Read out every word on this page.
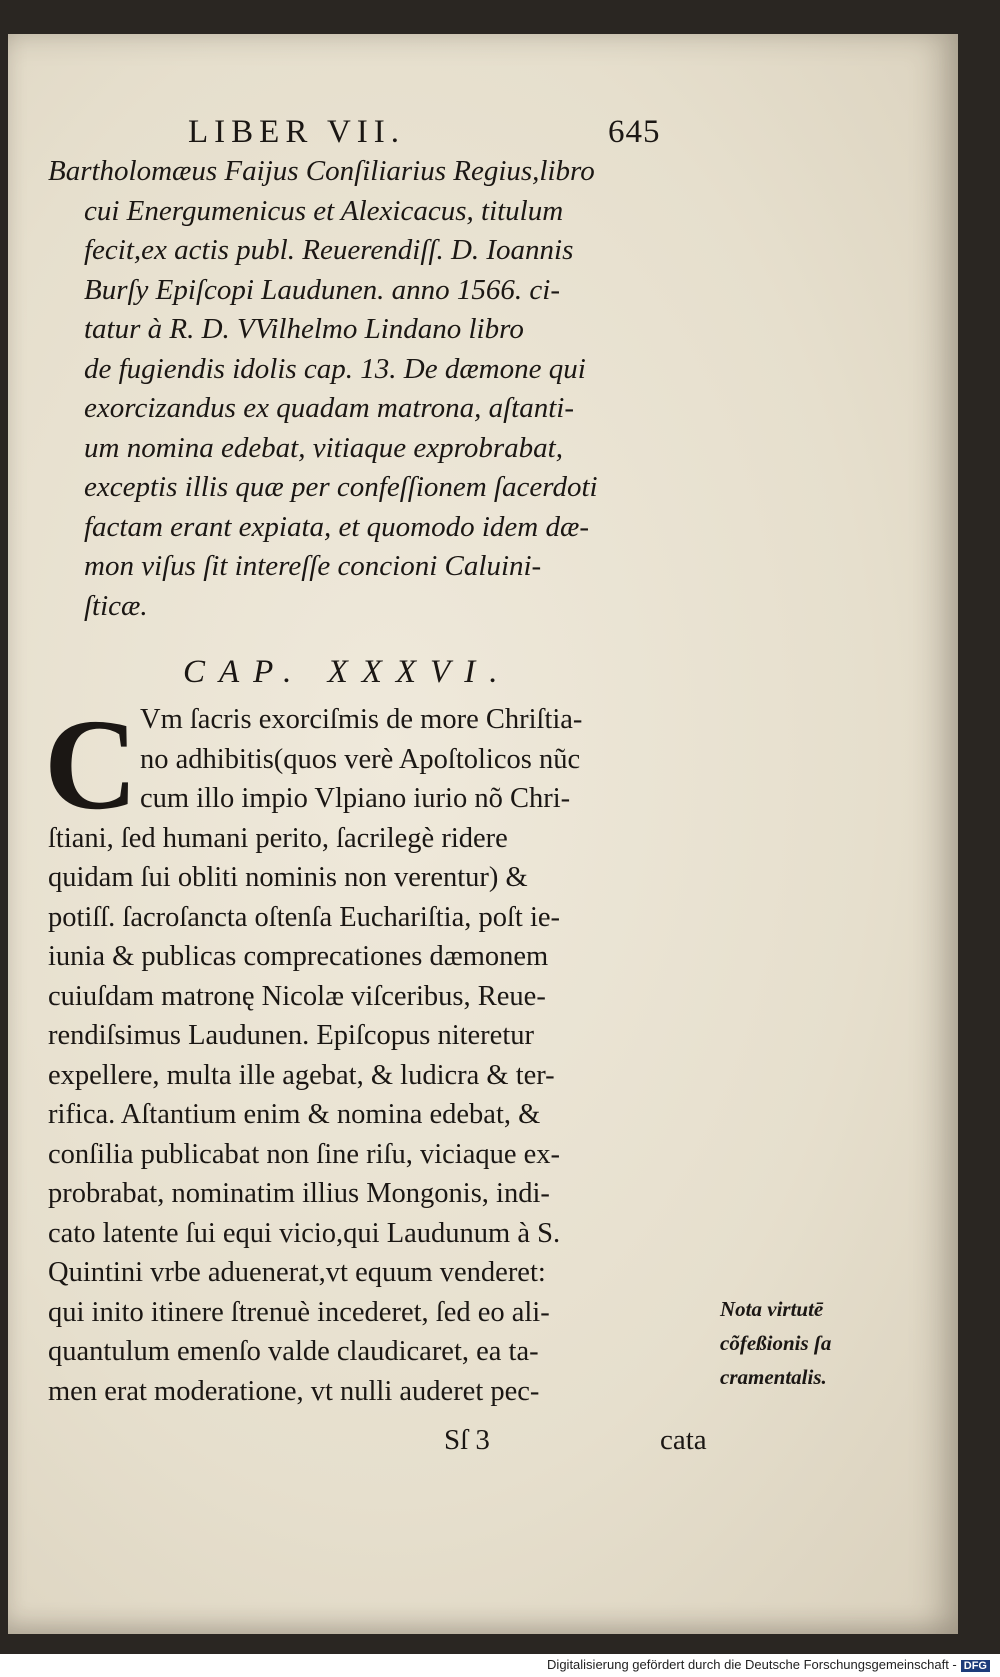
LIBER VII.	645
Bartholomæus Faijus Conſiliarius Regius,libro
cui Energumenicus et Alexicacus, titulum
fecit,ex actis publ. Reuerendiſſ. D. Ioannis
Burſy Epiſcopi Laudunen. anno 1566. ci-
tatur à R. D. VVilhelmo Lindano libro
de fugiendis idolis cap. 13. De dæmone qui
exorcizandus ex quadam matrona, aſtanti-
um nomina edebat, vitiaque exprobrabat,
exceptis illis quæ per confeſſionem ſacerdoti
factam erant expiata, et quomodo idem dæ-
mon viſus ſit intereſſe concioni Caluini-
ſticæ.
CAP. XXXVI.
C Vm ſacris exorciſmis de more Chriſtia-
no adhibitis(quos verè Apoſtolicos nũc
cum illo impio Vlpiano iurio nõ Chri-
ſtiani, ſed humani perito, ſacrilegè ridere
quidam ſui obliti nominis non verentur) &
potiſſ. ſacroſancta oſtenſa Euchariſtia, poſt ie-
iunia & publicas comprecationes dæmonem
cuiuſdam matronę Nicolæ viſceribus, Reue-
rendiſsimus Laudunen. Epiſcopus niteretur
expellere, multa ille agebat, & ludicra & ter-
rifica. Aſtantium enim & nomina edebat, &
conſilia publicabat non ſine riſu, viciaque ex-
probrabat, nominatim illius Mongonis, indi-
cato latente ſui equi vicio,qui Laudunum à S.
Quintini vrbe aduenerat,vt equum venderet:
qui inito itinere ſtrenuè incederet, ſed eo ali-
quantulum emenſo valde claudicaret, ea ta-
men erat moderatione, vt nulli auderet pec-
Nota virtutē
cõfeßionis ſa
cramentalis.
Sſ 3	cata
Digitalisierung gefördert durch die Deutsche Forschungsgemeinschaft - DFG
